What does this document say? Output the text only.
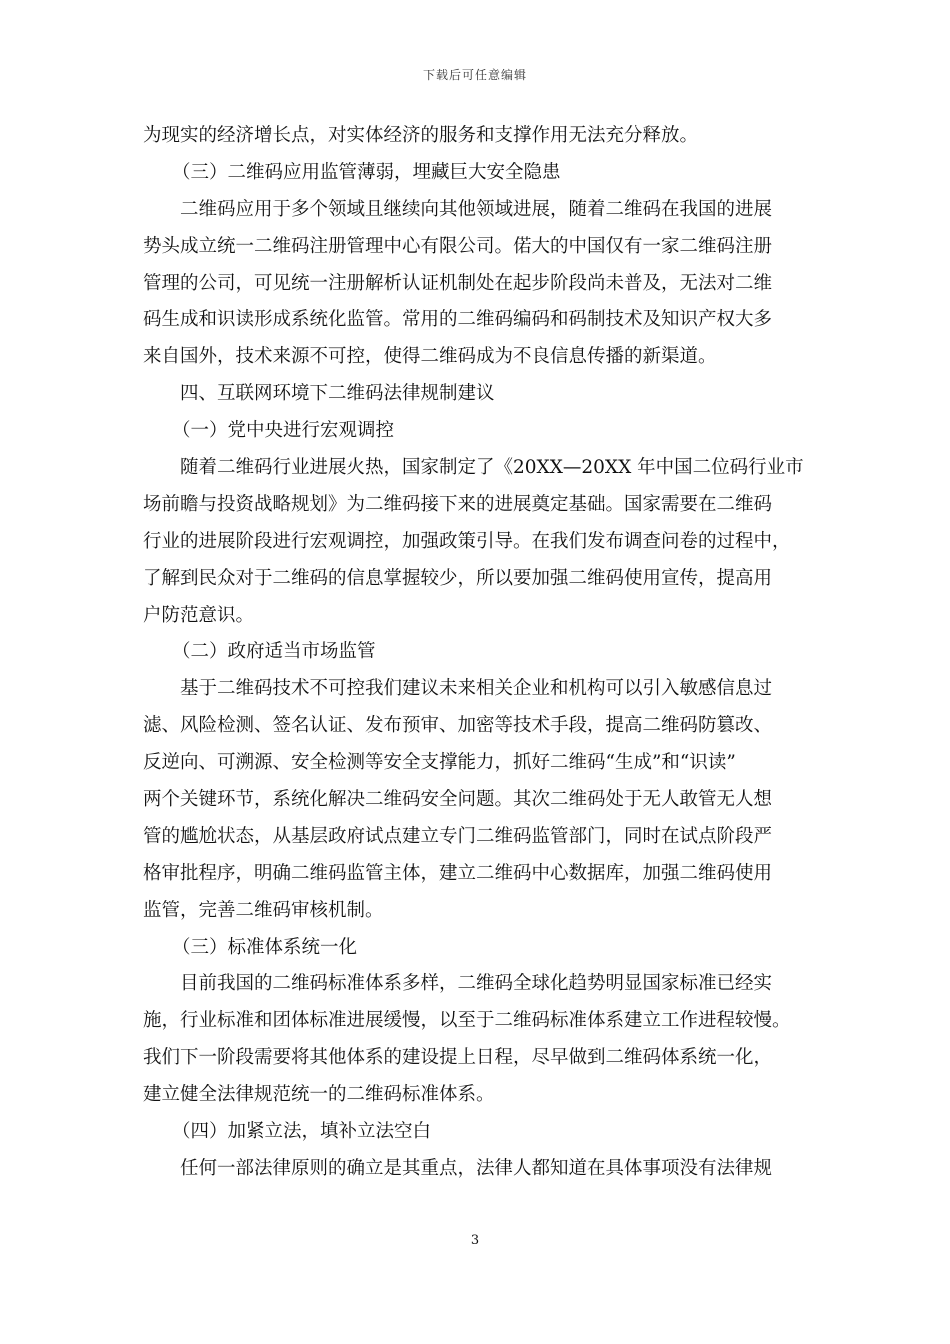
下载后可任意编辑
为现实的经济增长点，对实体经济的服务和支撑作用无法充分释放。
（三）二维码应用监管薄弱，埋藏巨大安全隐患
二维码应用于多个领域且继续向其他领域进展，随着二维码在我国的进展
势头成立统一二维码注册管理中心有限公司。偌大的中国仅有一家二维码注册
管理的公司，可见统一注册解析认证机制处在起步阶段尚未普及，无法对二维
码生成和识读形成系统化监管。常用的二维码编码和码制技术及知识产权大多
来自国外，技术来源不可控，使得二维码成为不良信息传播的新渠道。
四、互联网环境下二维码法律规制建议
（一）党中央进行宏观调控
随着二维码行业进展火热，国家制定了《20XX—20XX 年中国二位码行业市
场前瞻与投资战略规划》为二维码接下来的进展奠定基础。国家需要在二维码
行业的进展阶段进行宏观调控，加强政策引导。在我们发布调查问卷的过程中，
了解到民众对于二维码的信息掌握较少，所以要加强二维码使用宣传，提高用
户防范意识。
（二）政府适当市场监管
基于二维码技术不可控我们建议未来相关企业和机构可以引入敏感信息过
滤、风险检测、签名认证、发布预审、加密等技术手段，提高二维码防篡改、
反逆向、可溯源、安全检测等安全支撑能力，抓好二维码“生成”和“识读”
两个关键环节，系统化解决二维码安全问题。其次二维码处于无人敢管无人想
管的尴尬状态，从基层政府试点建立专门二维码监管部门，同时在试点阶段严
格审批程序，明确二维码监管主体，建立二维码中心数据库，加强二维码使用
监管，完善二维码审核机制。
（三）标准体系统一化
目前我国的二维码标准体系多样，二维码全球化趋势明显国家标准已经实
施，行业标准和团体标准进展缓慢，以至于二维码标准体系建立工作进程较慢。
我们下一阶段需要将其他体系的建设提上日程，尽早做到二维码体系统一化，
建立健全法律规范统一的二维码标准体系。
（四）加紧立法，填补立法空白
任何一部法律原则的确立是其重点，法律人都知道在具体事项没有法律规
3
